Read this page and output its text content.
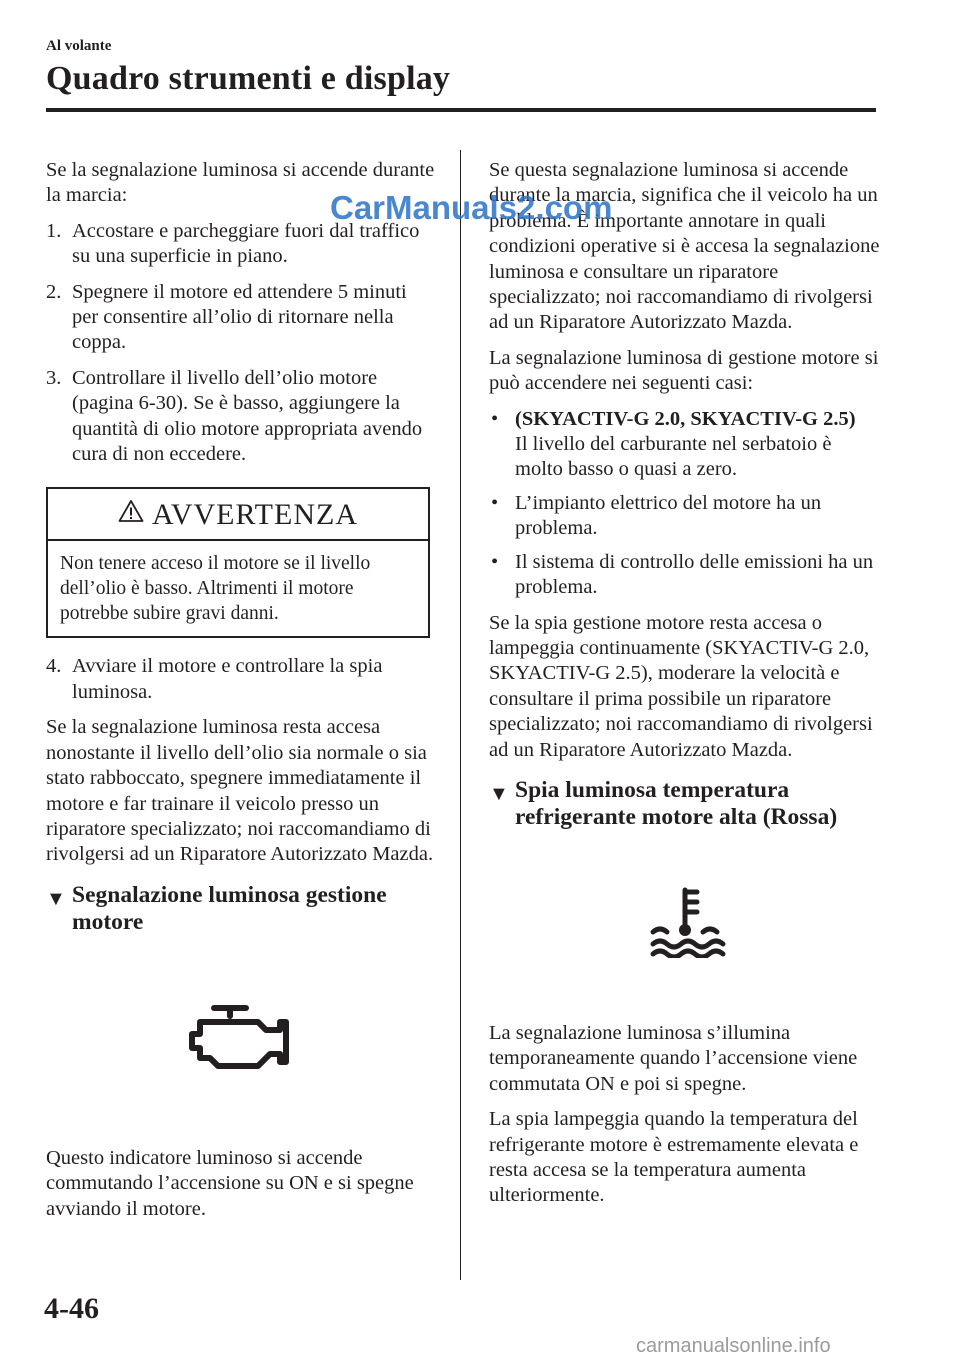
Al volante
Quadro strumenti e display

Se la segnalazione luminosa si accende durante la marcia:

1. Accostare e parcheggiare fuori dal traffico su una superficie in piano.
2. Spegnere il motore ed attendere 5 minuti per consentire all’olio di ritornare nella coppa.
3. Controllare il livello dell’olio motore (pagina 6-30). Se è basso, aggiungere la quantità di olio motore appropriata avendo cura di non eccedere.
AVVERTENZA
Non tenere acceso il motore se il livello dell’olio è basso. Altrimenti il motore potrebbe subire gravi danni.
4. Avviare il motore e controllare la spia luminosa.

Se la segnalazione luminosa resta accesa nonostante il livello dell’olio sia normale o sia stato rabboccato, spegnere immediatamente il motore e far trainare il veicolo presso un riparatore specializzato; noi raccomandiamo di rivolgersi ad un Riparatore Autorizzato Mazda.

▼ Segnalazione luminosa gestione motore

Questo indicatore luminoso si accende commutando l’accensione su ON e si spegne avviando il motore.

Se questa segnalazione luminosa si accende durante la marcia, significa che il veicolo ha un problema. È importante annotare in quali condizioni operative si è accesa la segnalazione luminosa e consultare un riparatore specializzato; noi raccomandiamo di rivolgersi ad un Riparatore Autorizzato Mazda.

La segnalazione luminosa di gestione motore si può accendere nei seguenti casi:

• (SKYACTIV-G 2.0, SKYACTIV-G 2.5)
Il livello del carburante nel serbatoio è molto basso o quasi a zero.
• L’impianto elettrico del motore ha un problema.
• Il sistema di controllo delle emissioni ha un problema.

Se la spia gestione motore resta accesa o lampeggia continuamente (SKYACTIV-G 2.0, SKYACTIV-G 2.5), moderare la velocità e consultare il prima possibile un riparatore specializzato; noi raccomandiamo di rivolgersi ad un Riparatore Autorizzato Mazda.

▼ Spia luminosa temperatura refrigerante motore alta (Rossa)

La segnalazione luminosa s’illumina temporaneamente quando l’accensione viene commutata ON e poi si spegne.

La spia lampeggia quando la temperatura del refrigerante motore è estremamente elevata e resta accesa se la temperatura aumenta ulteriormente.

4-46
CarManuals2.com
carmanualsonline.info
